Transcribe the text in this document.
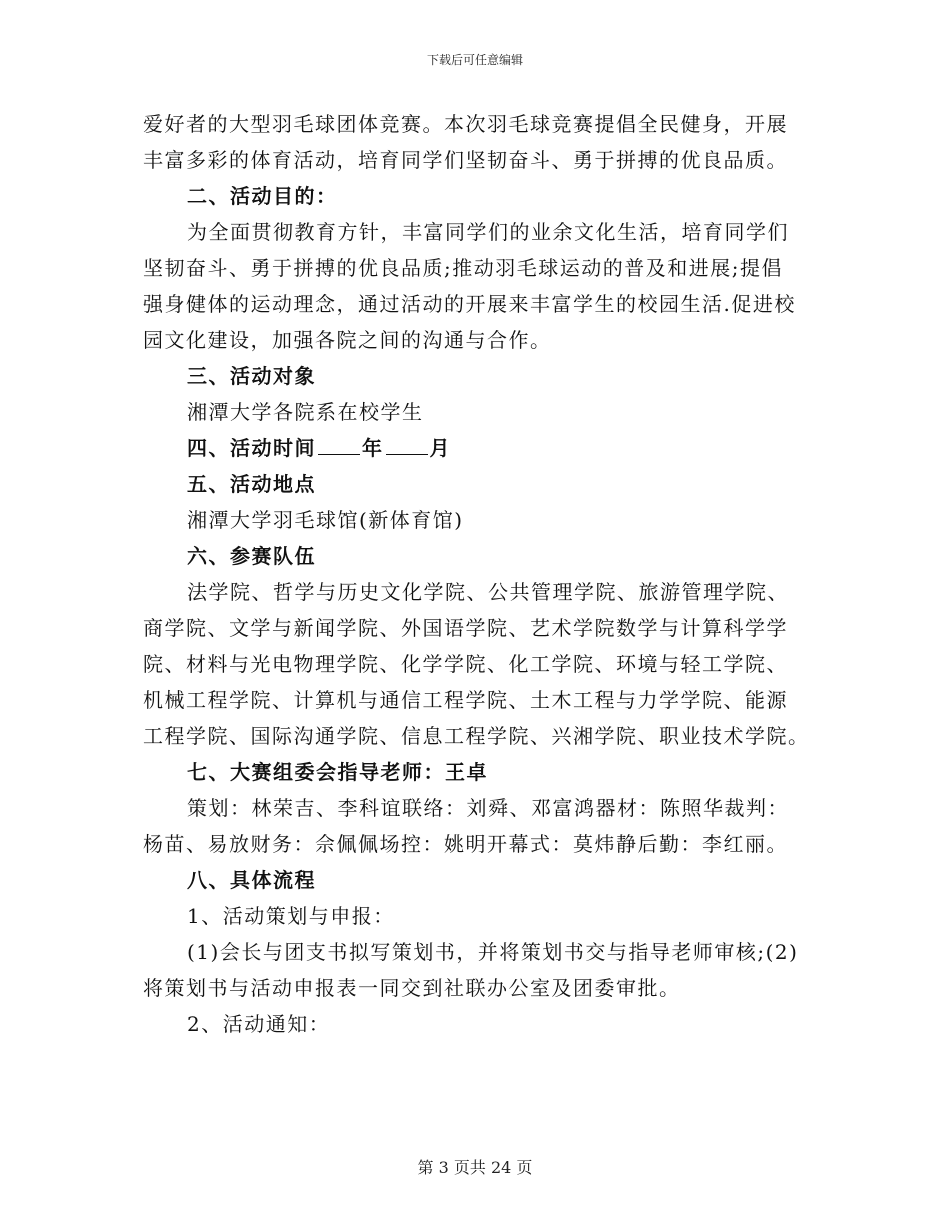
下载后可任意编辑
爱好者的大型羽毛球团体竞赛。本次羽毛球竞赛提倡全民健身，开展
丰富多彩的体育活动，培育同学们坚韧奋斗、勇于拼搏的优良品质。
二、活动目的：
为全面贯彻教育方针，丰富同学们的业余文化生活，培育同学们
坚韧奋斗、勇于拼搏的优良品质;推动羽毛球运动的普及和进展;提倡
强身健体的运动理念，通过活动的开展来丰富学生的校园生活.促进校
园文化建设，加强各院之间的沟通与合作。
三、活动对象
湘潭大学各院系在校学生
四、活动时间 年 月
五、活动地点
湘潭大学羽毛球馆(新体育馆)
六、参赛队伍
法学院、哲学与历史文化学院、公共管理学院、旅游管理学院、
商学院、文学与新闻学院、外国语学院、艺术学院数学与计算科学学
院、材料与光电物理学院、化学学院、化工学院、环境与轻工学院、
机械工程学院、计算机与通信工程学院、土木工程与力学学院、能源
工程学院、国际沟通学院、信息工程学院、兴湘学院、职业技术学院。
七、大赛组委会指导老师：王卓
策划：林荣吉、李科谊联络：刘舜、邓富鸿器材：陈照华裁判：
杨苗、易放财务：佘佩佩场控：姚明开幕式：莫炜静后勤：李红丽。
八、具体流程
1、活动策划与申报：
(1)会长与团支书拟写策划书，并将策划书交与指导老师审核;(2)
将策划书与活动申报表一同交到社联办公室及团委审批。
2、活动通知：
第 3 页共 24 页
